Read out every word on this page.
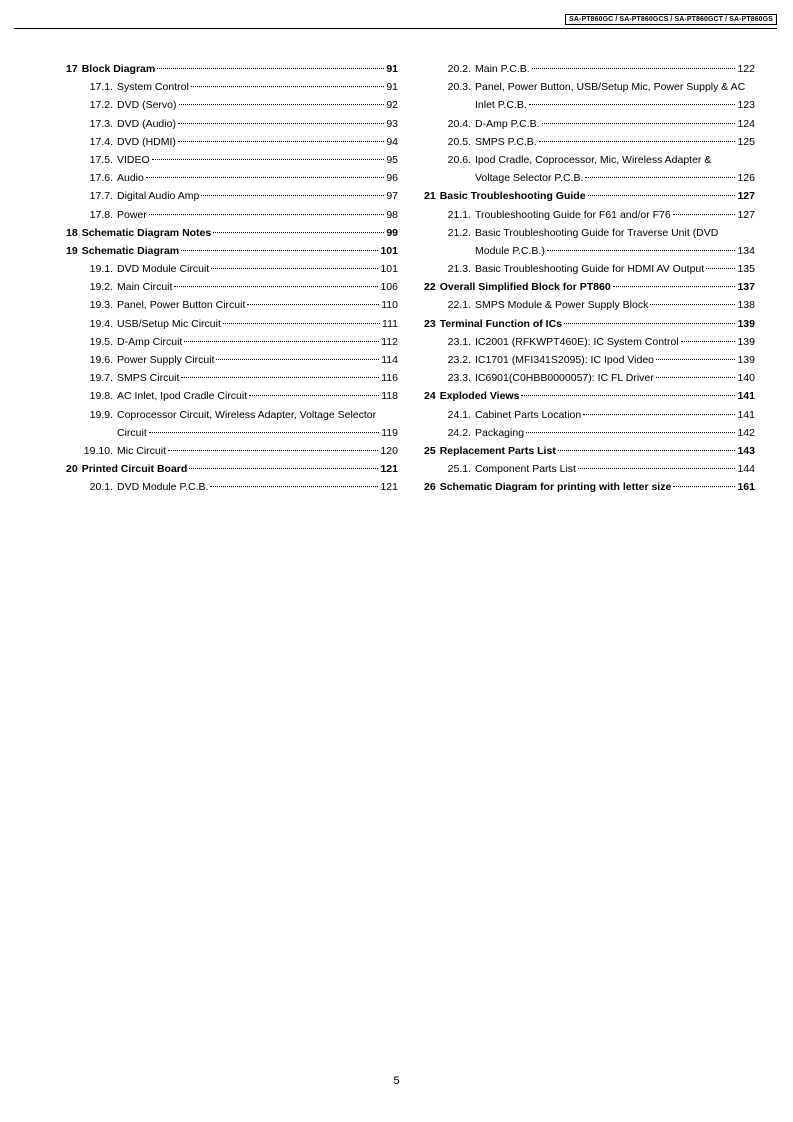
SA-PT860GC / SA-PT860GCS / SA-PT860GCT / SA-PT860GS
17 Block Diagram	91
17.1. System Control	91
17.2. DVD (Servo)	92
17.3. DVD (Audio)	93
17.4. DVD (HDMI)	94
17.5. VIDEO	95
17.6. Audio	96
17.7. Digital Audio Amp	97
17.8. Power	98
18 Schematic Diagram Notes	99
19 Schematic Diagram	101
19.1. DVD Module Circuit	101
19.2. Main Circuit	106
19.3. Panel, Power Button Circuit	110
19.4. USB/Setup Mic Circuit	111
19.5. D-Amp Circuit	112
19.6. Power Supply Circuit	114
19.7. SMPS Circuit	116
19.8. AC Inlet, Ipod Cradle Circuit	118
19.9. Coprocessor Circuit, Wireless Adapter, Voltage Selector
Circuit	119
19.10. Mic Circuit	120
20 Printed Circuit Board	121
20.1. DVD Module P.C.B.	121
20.2. Main P.C.B.	122
20.3. Panel, Power Button, USB/Setup Mic, Power Supply & AC
Inlet P.C.B.	123
20.4. D-Amp P.C.B.	124
20.5. SMPS P.C.B.	125
20.6. Ipod Cradle, Coprocessor, Mic, Wireless Adapter &
Voltage Selector P.C.B.	126
21 Basic Troubleshooting Guide	127
21.1. Troubleshooting Guide for F61 and/or F76	127
21.2. Basic Troubleshooting Guide for Traverse Unit (DVD
Module P.C.B.)	134
21.3. Basic Troubleshooting Guide for HDMI AV Output	135
22 Overall Simplified Block for PT860	137
22.1. SMPS Module & Power Supply Block	138
23 Terminal Function of ICs	139
23.1. IC2001 (RFKWPT460E): IC System Control	139
23.2. IC1701 (MFI341S2095): IC Ipod Video	139
23.3. IC6901(C0HBB0000057): IC FL Driver	140
24 Exploded Views	141
24.1. Cabinet Parts Location	141
24.2. Packaging	142
25 Replacement Parts List	143
25.1. Component Parts List	144
26 Schematic Diagram for printing with letter size	161
5
